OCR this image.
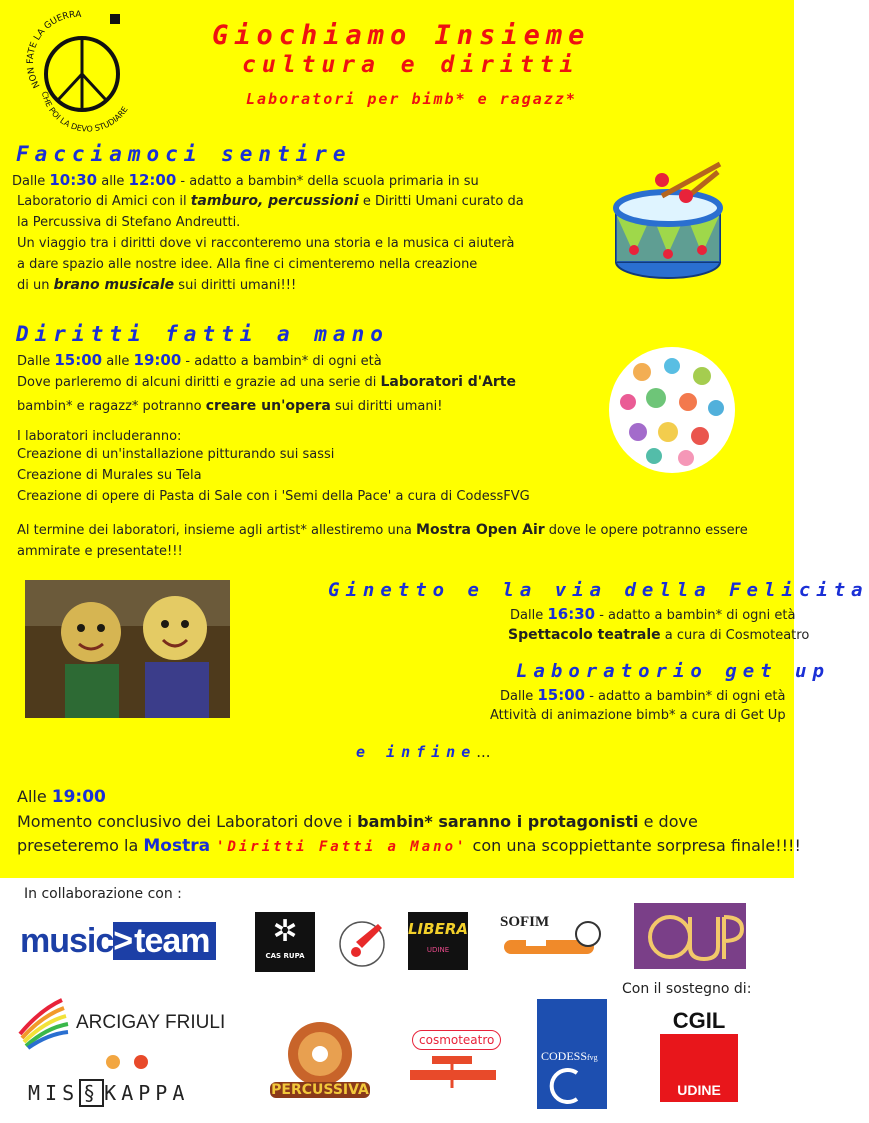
NON FATE LA GUERRA
CHE POI LA DEVO STUDIARE
Giochiamo Insieme
cultura e diritti
Laboratori per bimb* e ragazz*
Facciamoci sentire
Dalle 10:30 alle 12:00 - adatto a bambin* della scuola primaria in su
Laboratorio di Amici con il tamburo, percussioni e Diritti Umani curato da
la Percussiva di Stefano Andreutti.
Un viaggio tra i diritti dove vi racconteremo una storia e la musica ci aiuterà
a dare spazio alle nostre idee. Alla fine ci cimenteremo nella creazione
di un brano musicale sui diritti umani!!!
Diritti fatti a mano
Dalle 15:00 alle 19:00 - adatto a bambin* di ogni età
Dove parleremo di alcuni diritti e grazie ad una serie di Laboratori d'Arte
bambin* e ragazz* potranno creare un'opera sui diritti umani!
I laboratori includeranno:
Creazione di un'installazione pitturando sui sassi
Creazione di Murales su Tela
Creazione di opere di Pasta di Sale con i 'Semi della Pace' a cura di CodessFVG
Al termine dei laboratori, insieme agli artist* allestiremo una Mostra Open Air dove le opere potranno essere
ammirate e presentate!!!
Ginetto e la via della Felicita
Dalle 16:30 - adatto a bambin* di ogni età
Spettacolo teatrale a cura di Cosmoteatro
Laboratorio get up
Dalle 15:00 - adatto a bambin* di ogni età
Attività di animazione bimb* a cura di Get Up
e infine...
Alle 19:00
Momento conclusivo dei Laboratori dove i bambin* saranno i protagonisti e dove
preseteremo la Mostra 'Diritti Fatti a Mano' con una scoppiettante sorpresa finale!!!!
In collaborazione con :
music>team	✲
CAS RUPA
LIBERA
UDINE
SOFIM
Con il sostegno di:
ARCIGAY FRIULI
MIS § KAPPA	PERCUSSIVA
cosmoteatro
CODESSfvg
CGIL
UDINE
